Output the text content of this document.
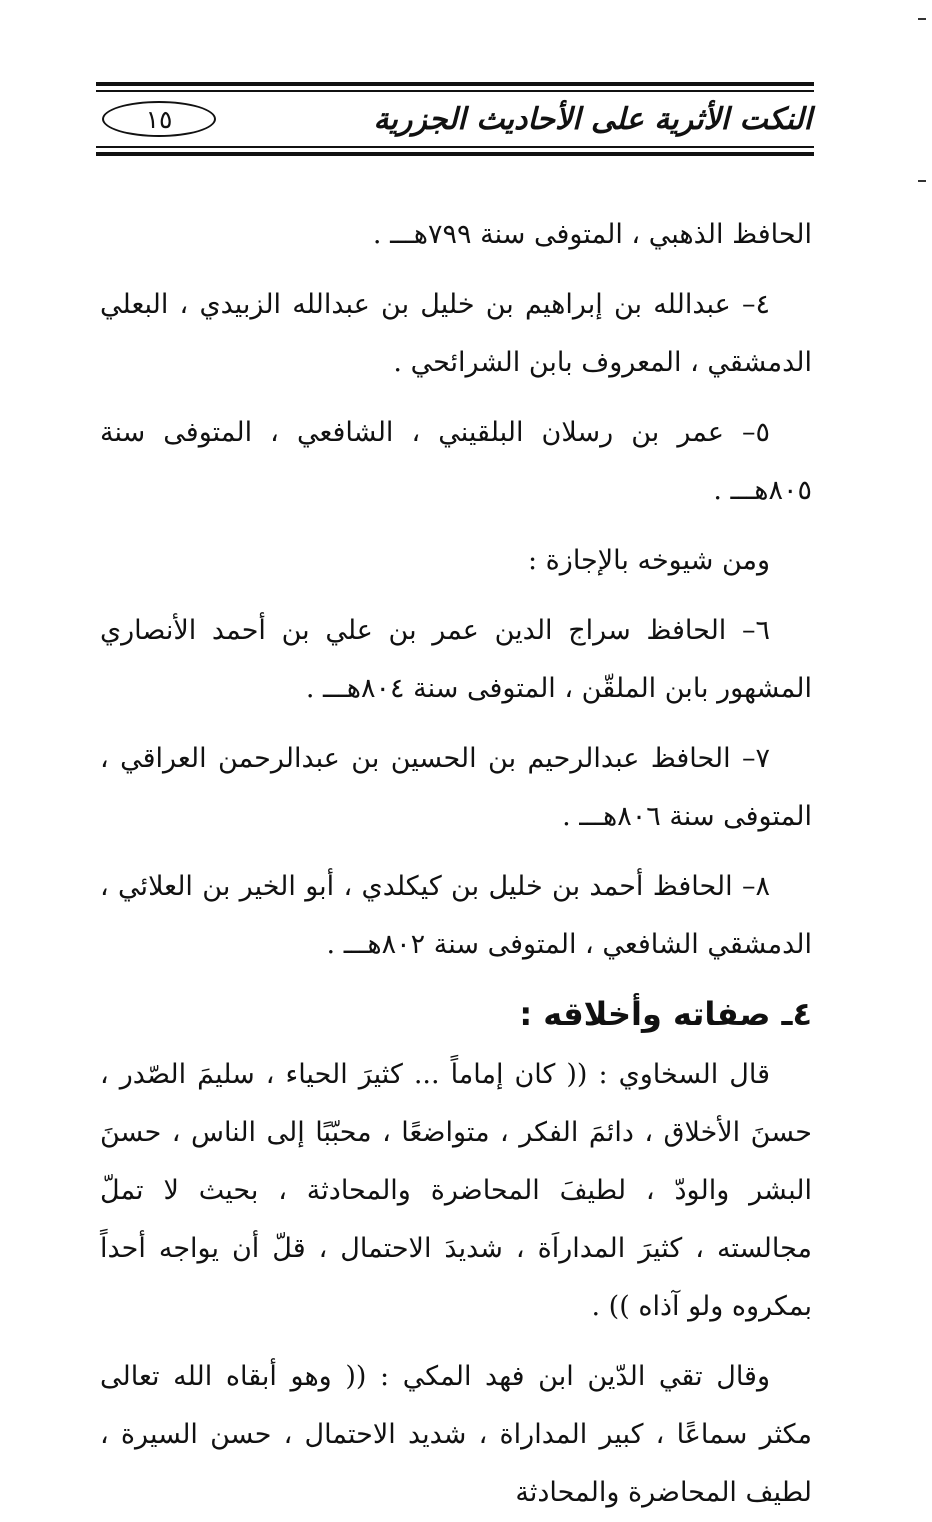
النكت الأثرية على الأحاديث الجزرية
١٥

الحافظ الذهبي ، المتوفى سنة ٧٩٩هـــ .

٤– عبدالله بن إبراهيم بن خليل بن عبدالله الزبيدي ، البعلي الدمشقي ، المعروف بابن الشرائحي .

٥– عمر بن رسلان البلقيني ، الشافعي ، المتوفى سنة ٨٠٥هـــ .

ومن شيوخه بالإجازة :

٦– الحافظ سراج الدين عمر بن علي بن أحمد الأنصاري المشهور بابن الملقّن ، المتوفى سنة ٨٠٤هـــ .

٧– الحافظ عبدالرحيم بن الحسين بن عبدالرحمن العراقي ، المتوفى سنة ٨٠٦هـــ .

٨– الحافظ أحمد بن خليل بن كيكلدي ، أبو الخير بن العلائي ، الدمشقي الشافعي ، المتوفى سنة ٨٠٢هـــ .

٤ـ صفاته وأخلاقه :

قال السخاوي : (( كان إماماً ... كثيرَ الحياء ، سليمَ الصّدر ، حسنَ الأخلاق ، دائمَ الفكر ، متواضعًا ، محبّبًا إلى الناس ، حسنَ البشر والودّ ، لطيفَ المحاضرة والمحادثة ، بحيث لا تملّ مجالسته ، كثيرَ المداراَة ، شديدَ الاحتمال ، قلّ أن يواجه أحداً بمكروه ولو آذاه )) .

وقال تقي الدّين ابن فهد المكي : (( وهو أبقاه الله تعالى مكثر سماعًا ، كبير المداراة ، شديد الاحتمال ، حسن السيرة ، لطيف المحاضرة والمحادثة
